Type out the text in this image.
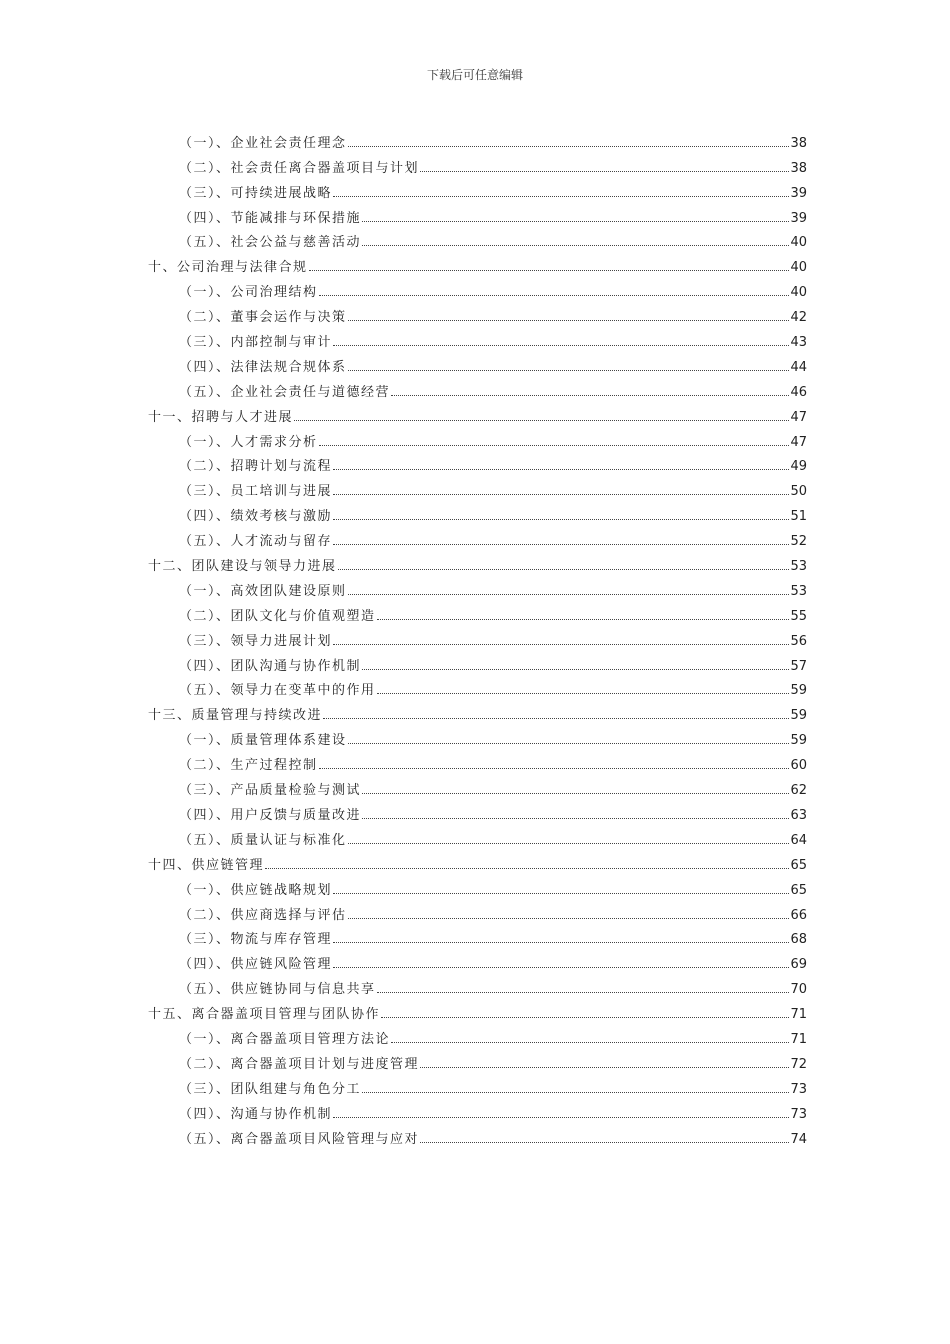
下载后可任意编辑
（一）、企业社会责任理念	38
（二）、社会责任离合器盖项目与计划	38
（三）、可持续进展战略	39
（四）、节能减排与环保措施	39
（五）、社会公益与慈善活动	40
十、公司治理与法律合规	40
（一）、公司治理结构	40
（二）、董事会运作与决策	42
（三）、内部控制与审计	43
（四）、法律法规合规体系	44
（五）、企业社会责任与道德经营	46
十一、招聘与人才进展	47
（一）、人才需求分析	47
（二）、招聘计划与流程	49
（三）、员工培训与进展	50
（四）、绩效考核与激励	51
（五）、人才流动与留存	52
十二、团队建设与领导力进展	53
（一）、高效团队建设原则	53
（二）、团队文化与价值观塑造	55
（三）、领导力进展计划	56
（四）、团队沟通与协作机制	57
（五）、领导力在变革中的作用	59
十三、质量管理与持续改进	59
（一）、质量管理体系建设	59
（二）、生产过程控制	60
（三）、产品质量检验与测试	62
（四）、用户反馈与质量改进	63
（五）、质量认证与标准化	64
十四、供应链管理	65
（一）、供应链战略规划	65
（二）、供应商选择与评估	66
（三）、物流与库存管理	68
（四）、供应链风险管理	69
（五）、供应链协同与信息共享	70
十五、离合器盖项目管理与团队协作	71
（一）、离合器盖项目管理方法论	71
（二）、离合器盖项目计划与进度管理	72
（三）、团队组建与角色分工	73
（四）、沟通与协作机制	73
（五）、离合器盖项目风险管理与应对	74
